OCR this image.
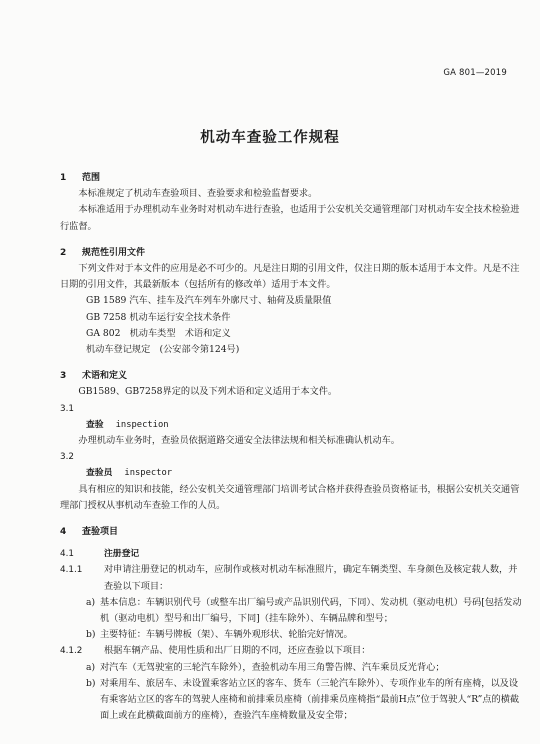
GA 801—2019
机动车查验工作规程
1	范围
本标准规定了机动车查验项目、查验要求和检验监督要求。
本标准适用于办理机动车业务时对机动车进行查验，也适用于公安机关交通管理部门对机动车安全技术检验进行监督。
2	规范性引用文件
下列文件对于本文件的应用是必不可少的。凡是注日期的引用文件，仅注日期的版本适用于本文件。凡是不注日期的引用文件，其最新版本（包括所有的修改单）适用于本文件。
GB 1589 汽车、挂车及汽车列车外廓尺寸、轴荷及质量限值
GB 7258 机动车运行安全技术条件
GA 802　机动车类型　术语和定义
机动车登记规定　(公安部令第124号)
3	术语和定义
GB1589、GB7258界定的以及下列术语和定义适用于本文件。
3.1
查验 inspection
办理机动车业务时，查验员依据道路交通安全法律法规和相关标准确认机动车。
3.2
查验员 inspector
具有相应的知识和技能，经公安机关交通管理部门培训考试合格并获得查验员资格证书，根据公安机关交通管理部门授权从事机动车查验工作的人员。
4	查验项目
4.1	注册登记
4.1.1	对申请注册登记的机动车，应制作或核对机动车标准照片，确定车辆类型、车身颜色及核定载人数，并查验以下项目：
a) 基本信息：车辆识别代号（或整车出厂编号或产品识别代码，下同）、发动机（驱动电机）号码[包括发动机（驱动电机）型号和出厂编号，下同]（挂车除外）、车辆品牌和型号；
b) 主要特征：车辆号牌板（架）、车辆外观形状、轮胎完好情况。
4.1.2	根据车辆产品、使用性质和出厂日期的不同，还应查验以下项目：
a) 对汽车（无驾驶室的三轮汽车除外），查验机动车用三角警告牌、汽车乘员反光背心；
b) 对乘用车、旅居车、未设置乘客站立区的客车、货车（三轮汽车除外）、专项作业车的所有座椅，以及设有乘客站立区的客车的驾驶人座椅和前排乘员座椅（前排乘员座椅指“最前H点”位于驾驶人“R”点的横截面上或在此横截面前方的座椅），查验汽车座椅数量及安全带；
